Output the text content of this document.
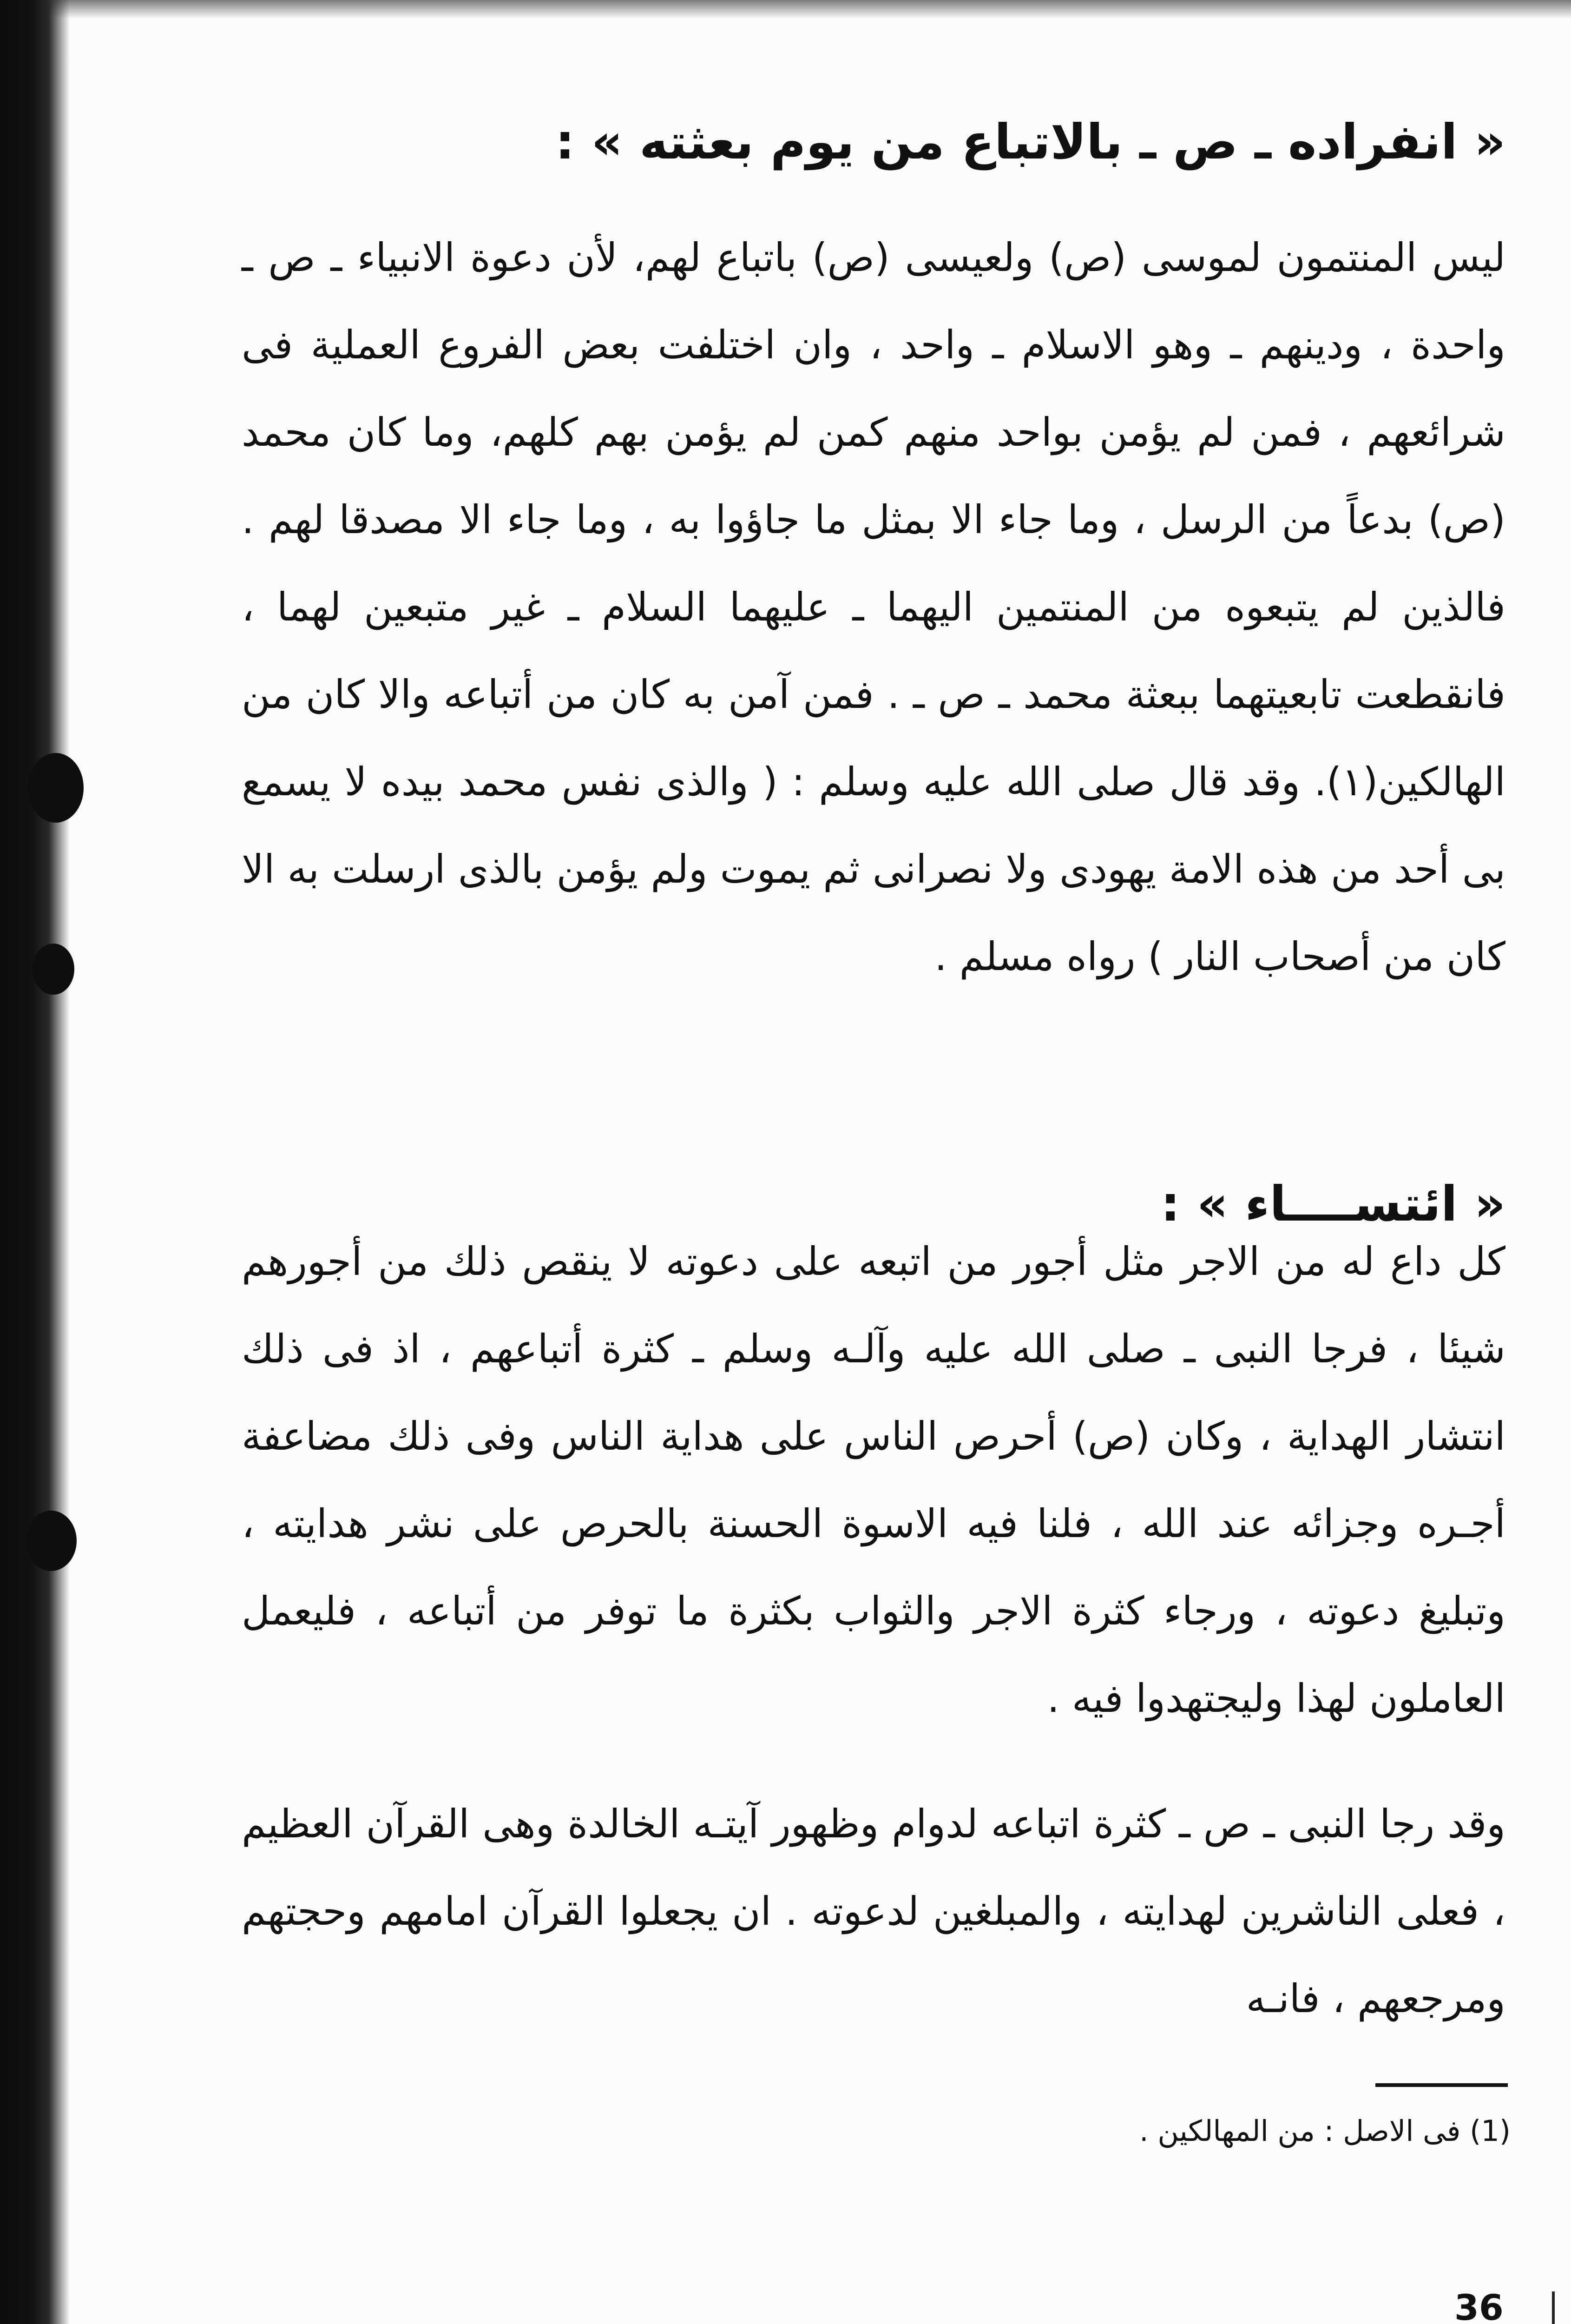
« انفراده ـ ص ـ بالاتباع من يوم بعثته » :

ليس المنتمون لموسى (ص) ولعيسى (ص) باتباع لهم، لأن دعوة الانبياء ـ ص ـ واحدة ، ودينهم ـ وهو الاسلام ـ واحد ، وان اختلفت بعض الفروع العملية فى شرائعهم ، فمن لم يؤمن بواحد منهم كمن لم يؤمن بهم كلهم، وما كان محمد (ص) بدعاً من الرسل ، وما جاء الا بمثل ما جاؤوا به ، وما جاء الا مصدقا لهم . فالذين لم يتبعوه من المنتمين اليهما ـ عليهما السلام ـ غير متبعين لهما ، فانقطعت تابعيتهما ببعثة محمد ـ ص ـ . فمن آمن به كان من أتباعه والا كان من الهالكين(١). وقد قال صلى الله عليه وسلم : ( والذى نفس محمد بيده لا يسمع بى أحد من هذه الامة يهودى ولا نصرانى ثم يموت ولم يؤمن بالذى ارسلت به الا كان من أصحاب النار ) رواه مسلم .

« ائتســــاء » :

كل داع له من الاجر مثل أجور من اتبعه على دعوته لا ينقص ذلك من أجورهم شيئا ، فرجا النبى ـ صلى الله عليه وآلـه وسلم ـ كثرة أتباعهم ، اذ فى ذلك انتشار الهداية ، وكان (ص) أحرص الناس على هداية الناس وفى ذلك مضاعفة أجـره وجزائه عند الله ، فلنا فيه الاسوة الحسنة بالحرص على نشر هدايته ، وتبليغ دعوته ، ورجاء كثرة الاجر والثواب بكثرة ما توفر من أتباعه ، فليعمل العاملون لهذا وليجتهدوا فيه .

وقد رجا النبى ـ ص ـ كثرة اتباعه لدوام وظهور آيتـه الخالدة وهى القرآن العظيم ، فعلى الناشرين لهدايته ، والمبلغين لدعوته . ان يجعلوا القرآن امامهم وحجتهم ومرجعهم ، فانـه

(1) فى الاصل : من المهالكين .
36
